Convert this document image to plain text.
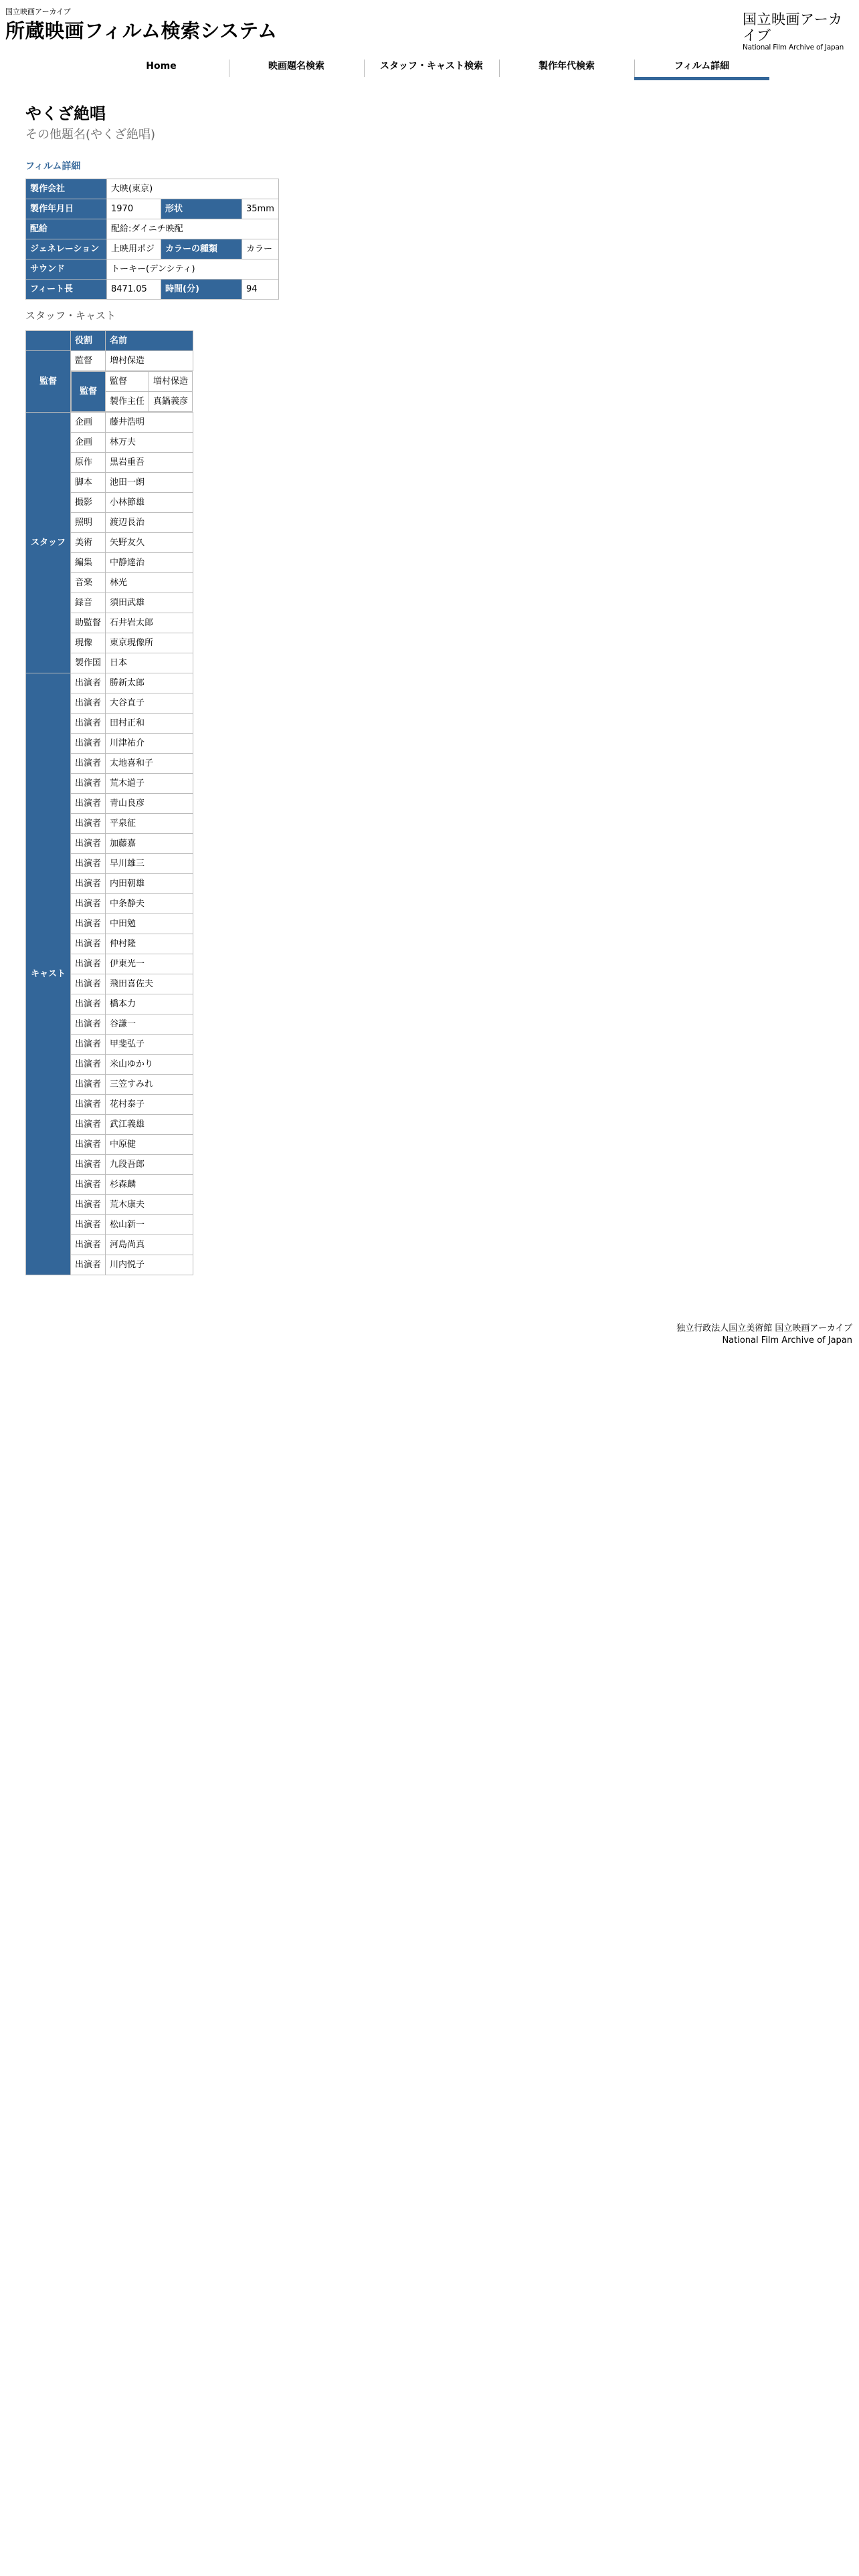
国立映画アーカイブ
所蔵映画フィルム検索システム	国立映画アーカイブ
National Film Archive of Japan
Home	映画題名検索	スタッフ・キャスト検索	製作年代検索	フィルム詳細
やくざ絶唱
その他題名(やくざ絶唱)
フィルム詳細
製作会社	大映(東京)		
製作年月日	1970	形状	35mm
配給	配給:ダイニチ映配		
ジェネレーション	上映用ポジ	カラーの種類	カラー
サウンド	トーキー(デンシティ)		
フィート長	8471.05	時間(分)	94
スタッフ・キャスト
	役割	名前
監督	監督	増村保造

監督	監督	増村保造
製作主任	真鍋義彦

スタッフ	企画	藤井浩明
企画	林万夫
原作	黒岩重吾
脚本	池田一朗
撮影	小林節雄
照明	渡辺長治
美術	矢野友久
編集	中静達治
音楽	林光
録音	須田武雄
助監督	石井岩太郎
現像	東京現像所
製作国	日本
キャスト	出演者	勝新太郎
出演者	大谷直子
出演者	田村正和
出演者	川津祐介
出演者	太地喜和子
出演者	荒木道子
出演者	青山良彦
出演者	平泉征
出演者	加藤嘉
出演者	早川雄三
出演者	内田朝雄
出演者	中条静夫
出演者	中田勉
出演者	仲村隆
出演者	伊東光一
出演者	飛田喜佐夫
出演者	橋本力
出演者	谷謙一
出演者	甲斐弘子
出演者	米山ゆかり
出演者	三笠すみれ
出演者	花村泰子
出演者	武江義雄
出演者	中原健
出演者	九段吾郎
出演者	杉森麟
出演者	荒木康夫
出演者	松山新一
出演者	河島尚真
出演者	川内悦子
独立行政法人国立美術館 国立映画アーカイブ
National Film Archive of Japan
